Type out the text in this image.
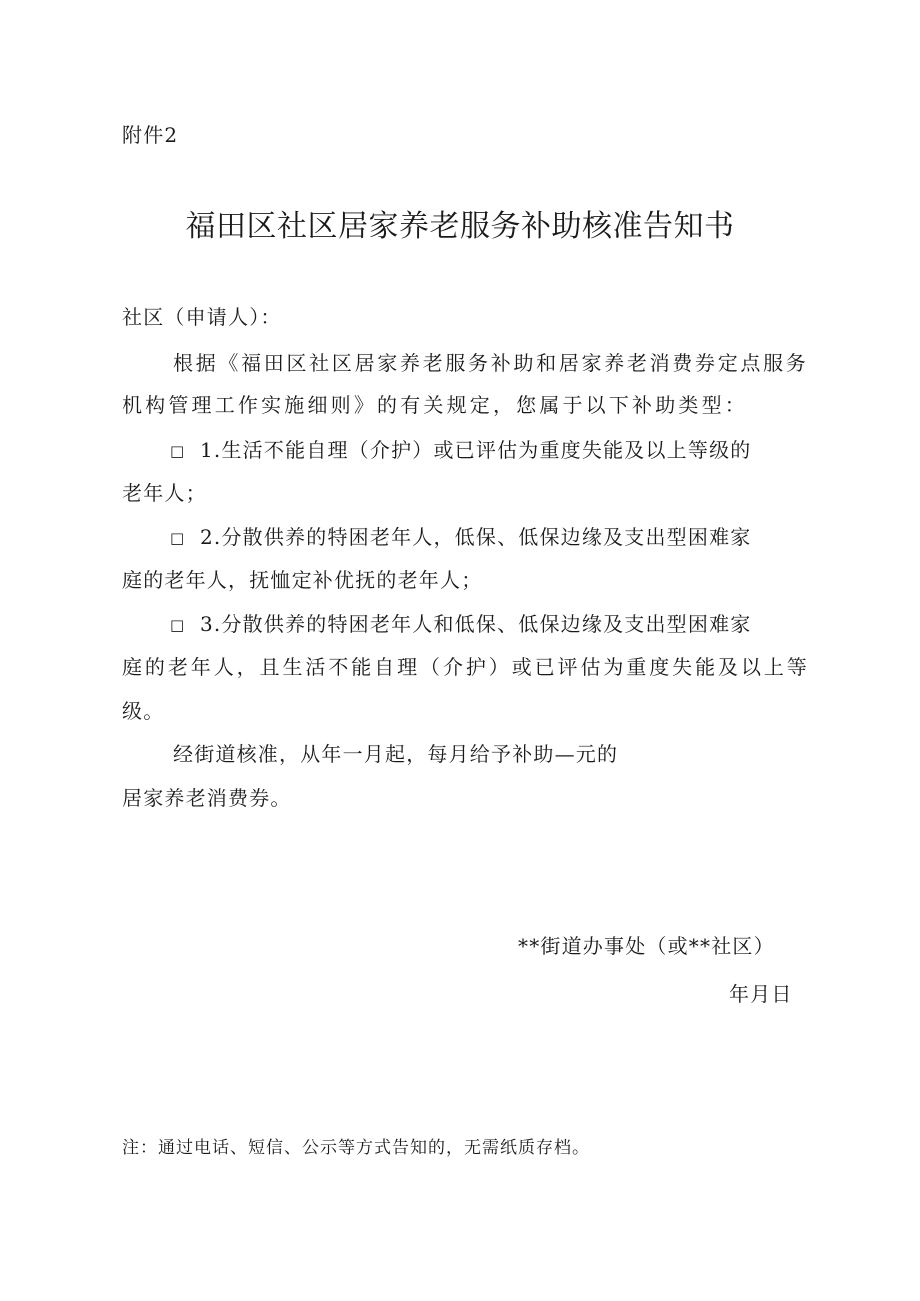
附件2
福田区社区居家养老服务补助核准告知书
社区（申请人）：
根据《福田区社区居家养老服务补助和居家养老消费券定点服务
机构管理工作实施细则》的有关规定，您属于以下补助类型：
□ 1.生活不能自理（介护）或已评估为重度失能及以上等级的
老年人；
□ 2.分散供养的特困老年人，低保、低保边缘及支出型困难家
庭的老年人，抚恤定补优抚的老年人；
□ 3.分散供养的特困老年人和低保、低保边缘及支出型困难家
庭的老年人，且生活不能自理（介护）或已评估为重度失能及以上等
级。
经街道核准，从年一月起，每月给予补助—元的
居家养老消费券。
**街道办事处（或**社区）
年月日
注：通过电话、短信、公示等方式告知的，无需纸质存档。
